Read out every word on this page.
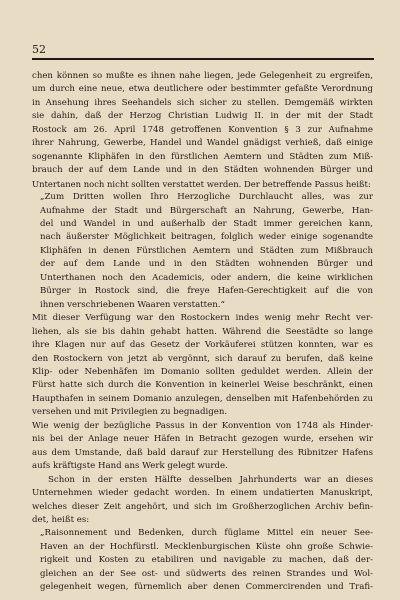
52

chen können so mußte es ihnen nahe liegen, jede Gelegenheit zu ergreifen,

um durch eine neue, etwa deutlichere oder bestimmter gefaßte Verordnung

in Ansehung ihres Seehandels sich sicher zu stellen. Demgemäß wirkten

sie dahin, daß der Herzog Christian Ludwig II. in der mit der Stadt

Rostock am 26. April 1748 getroffenen Konvention § 3 zur Aufnahme

ihrer Nahrung, Gewerbe, Handel und Wandel gnädigst verhieß, daß einige

sogenannte Kliphäfen in den fürstlichen Aemtern und Städten zum Miß-

brauch der auf dem Lande und in den Städten wohnenden Bürger und

Untertanen noch nicht sollten verstattet werden. Der betreffende Passus heißt:

„Zum Dritten wollen Ihro Herzogliche Durchlaucht alles, was zur

Aufnahme der Stadt und Bürgerschaft an Nahrung, Gewerbe, Han-

del und Wandel in und außerhalb der Stadt immer gereichen kann,

nach äußerster Möglichkeit beitragen, folglich weder einige sogenandte

Kliphäfen in denen Fürstlichen Aemtern und Städten zum Mißbrauch

der auf dem Lande und in den Städten wohnenden Bürger und

Unterthanen noch den Academicis, oder andern, die keine wirklichen

Bürger in Rostock sind, die freye Hafen-Gerechtigkeit auf die von

ihnen verschriebenen Waaren verstatten.“

Mit dieser Verfügung war den Rostockern indes wenig mehr Recht ver-

liehen, als sie bis dahin gehabt hatten. Während die Seestädte so lange

ihre Klagen nur auf das Gesetz der Vorkäuferei stützen konnten, war es

den Rostockern von jetzt ab vergönnt, sich darauf zu berufen, daß keine

Klip- oder Nebenhäfen im Domanio sollten geduldet werden. Allein der

Fürst hatte sich durch die Konvention in keinerlei Weise beschränkt, einen

Haupthafen in seinem Domanio anzulegen, denselben mit Hafenbehörden zu

versehen und mit Privilegien zu begnadigen.

Wie wenig der bezügliche Passus in der Konvention von 1748 als Hinder-

nis bei der Anlage neuer Häfen in Betracht gezogen wurde, ersehen wir

aus dem Umstande, daß bald darauf zur Herstellung des Ribnitzer Hafens

aufs kräftigste Hand ans Werk gelegt wurde.

Schon in der ersten Hälfte desselben Jahrhunderts war an dieses

Unternehmen wieder gedacht worden. In einem undatierten Manuskript,

welches dieser Zeit angehört, und sich im Großherzoglichen Archiv befin-

det, heißt es:

„Raisonnement und Bedenken, durch füglame Mittel ein neuer See-

Haven an der Hochfürstl. Mecklenburgischen Küste ohn große Schwie-

rigkeit und Kosten zu etabiliren und navigable zu machen, daß der-

gleichen an der See ost- und südwerts des reinen Strandes und Wol-

gelegenheit wegen, fürnemlich aber denen Commercirenden und Trafi-
